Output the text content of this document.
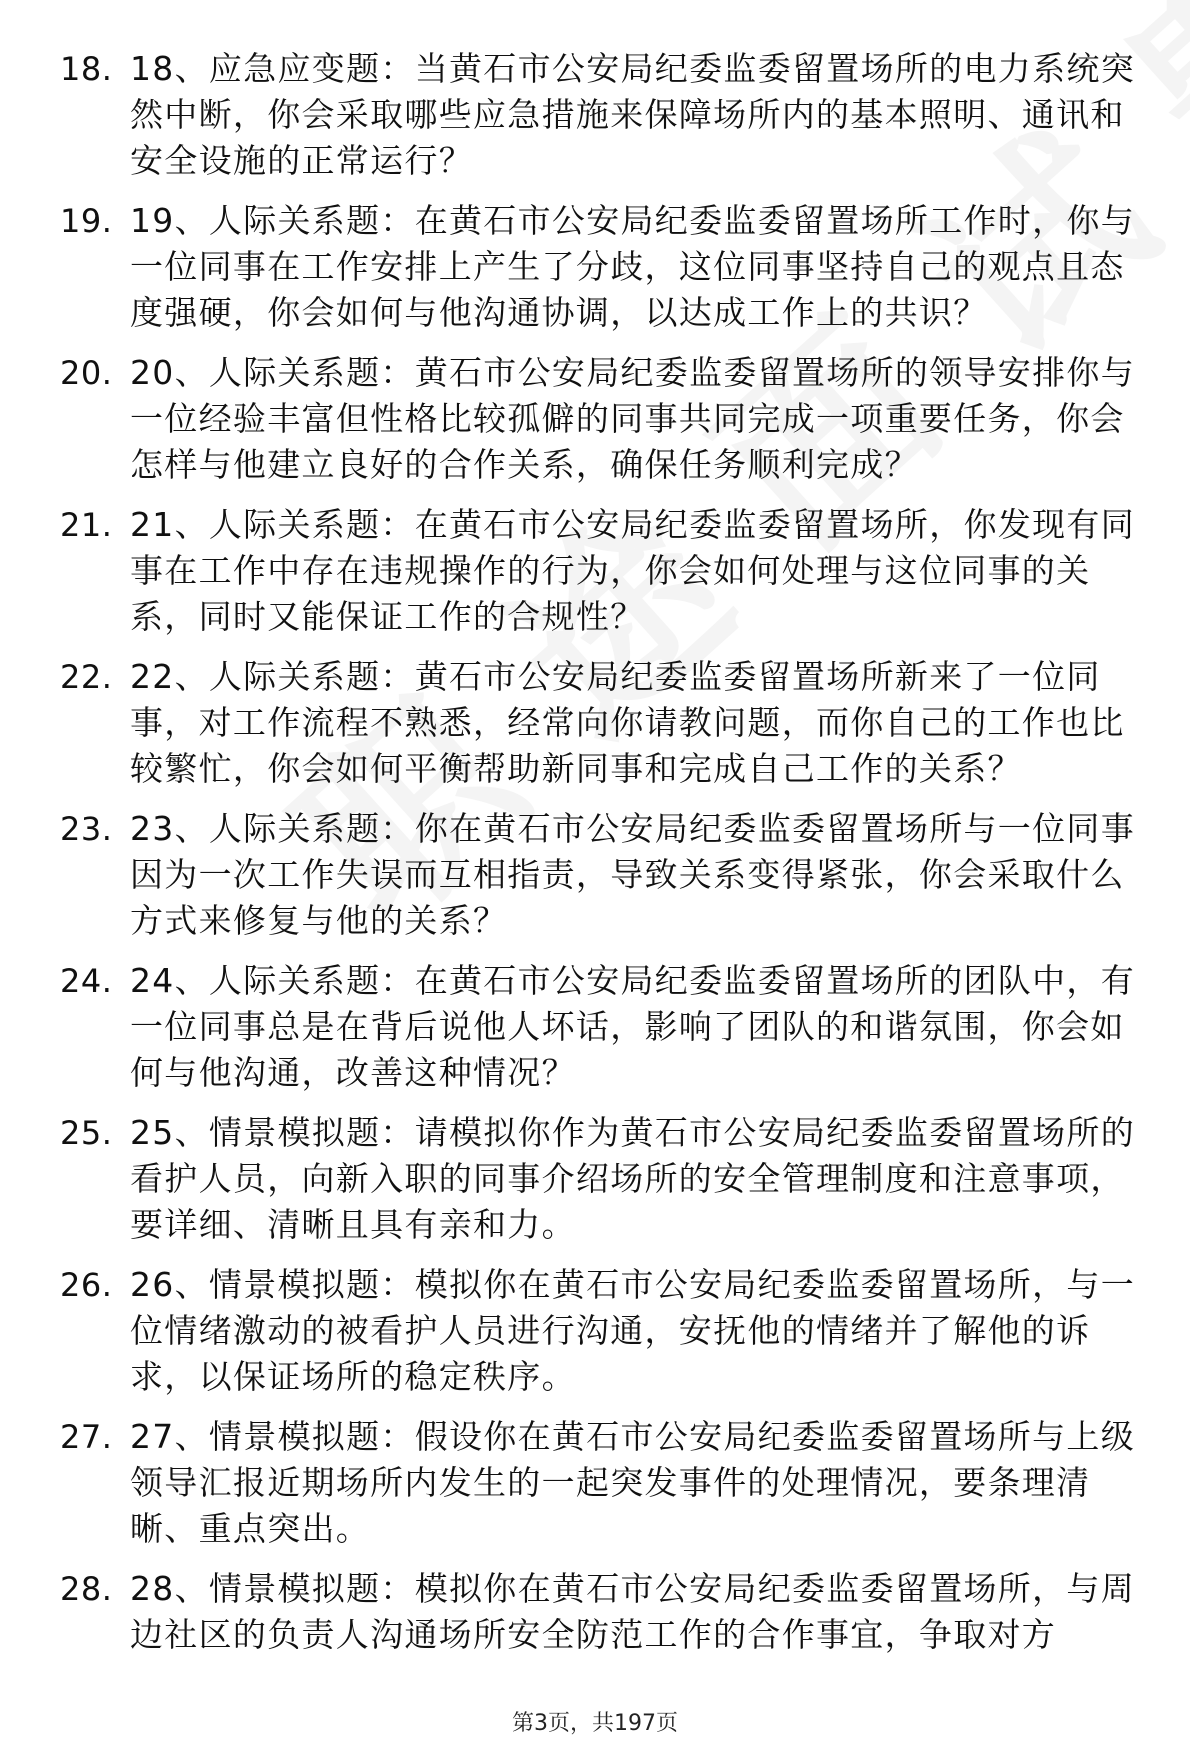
18. 18、应急应变题：当黄石市公安局纪委监委留置场所的电力系统突然中断，你会采取哪些应急措施来保障场所内的基本照明、通讯和安全设施的正常运行？
19. 19、人际关系题：在黄石市公安局纪委监委留置场所工作时，你与一位同事在工作安排上产生了分歧，这位同事坚持自己的观点且态度强硬，你会如何与他沟通协调，以达成工作上的共识？
20. 20、人际关系题：黄石市公安局纪委监委留置场所的领导安排你与一位经验丰富但性格比较孤僻的同事共同完成一项重要任务，你会怎样与他建立良好的合作关系，确保任务顺利完成？
21. 21、人际关系题：在黄石市公安局纪委监委留置场所，你发现有同事在工作中存在违规操作的行为，你会如何处理与这位同事的关系，同时又能保证工作的合规性？
22. 22、人际关系题：黄石市公安局纪委监委留置场所新来了一位同事，对工作流程不熟悉，经常向你请教问题，而你自己的工作也比较繁忙，你会如何平衡帮助新同事和完成自己工作的关系？
23. 23、人际关系题：你在黄石市公安局纪委监委留置场所与一位同事因为一次工作失误而互相指责，导致关系变得紧张，你会采取什么方式来修复与他的关系？
24. 24、人际关系题：在黄石市公安局纪委监委留置场所的团队中，有一位同事总是在背后说他人坏话，影响了团队的和谐氛围，你会如何与他沟通，改善这种情况？
25. 25、情景模拟题：请模拟你作为黄石市公安局纪委监委留置场所的看护人员，向新入职的同事介绍场所的安全管理制度和注意事项，要详细、清晰且具有亲和力。
26. 26、情景模拟题：模拟你在黄石市公安局纪委监委留置场所，与一位情绪激动的被看护人员进行沟通，安抚他的情绪并了解他的诉求，以保证场所的稳定秩序。
27. 27、情景模拟题：假设你在黄石市公安局纪委监委留置场所与上级领导汇报近期场所内发生的一起突发事件的处理情况，要条理清晰、重点突出。
28. 28、情景模拟题：模拟你在黄石市公安局纪委监委留置场所，与周边社区的负责人沟通场所安全防范工作的合作事宜，争取对方
第3页，共197页
